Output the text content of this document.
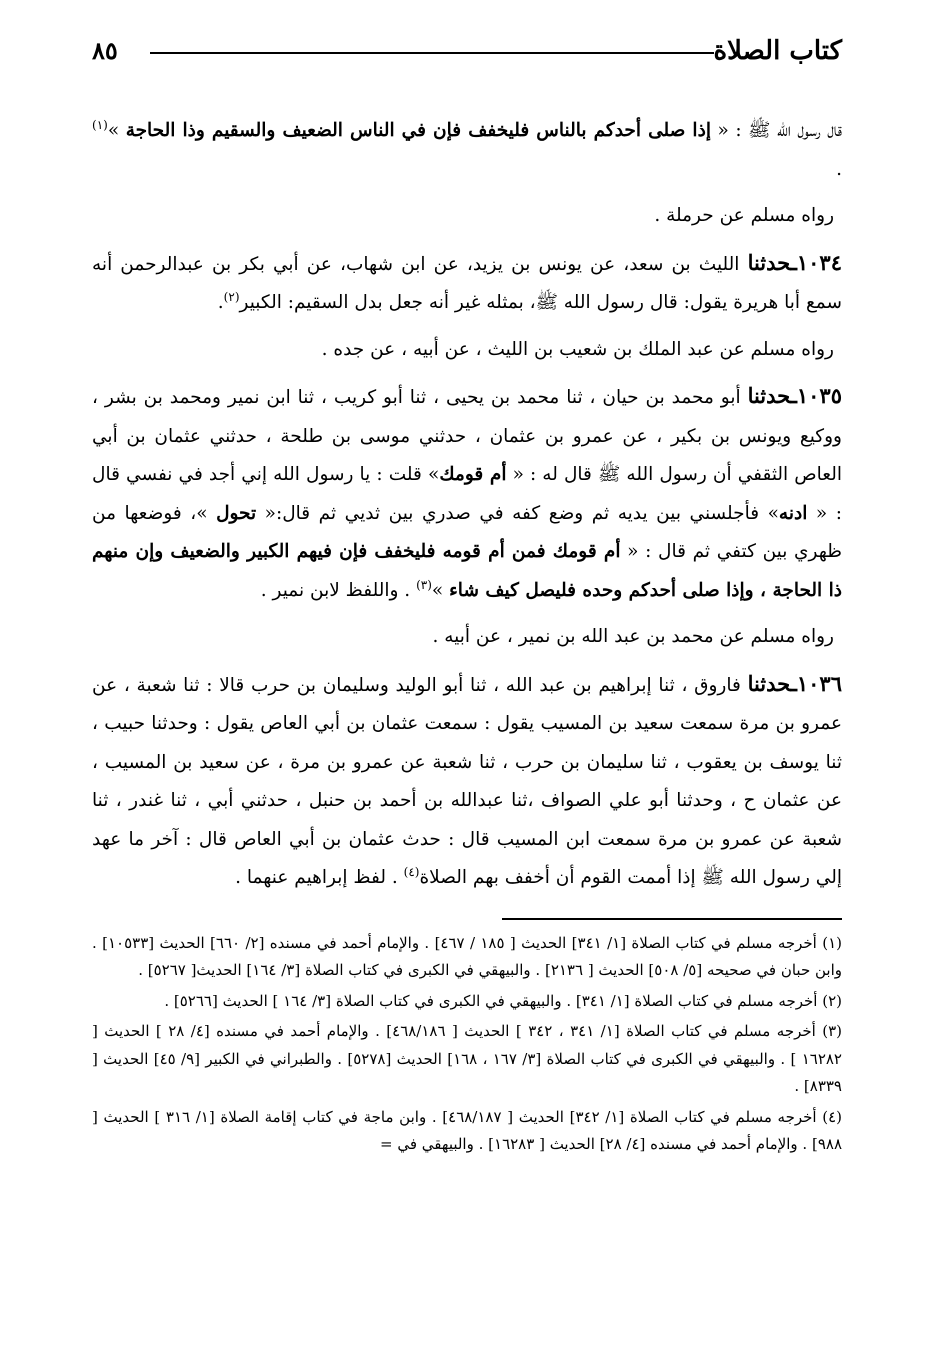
كتاب الصلاة
٨٥

قال رسول الله ﷺ : « إذا صلى أحدكم بالناس فليخفف فإن في الناس الضعيف والسقيم وذا الحاجة »$^{(١)}$ .

رواه مسلم عن حرملة .

١٠٣٤ـحدثنا الليث بن سعد، عن يونس بن يزيد، عن ابن شهاب، عن أبي بكر بن عبدالرحمن أنه سمع أبا هريرة يقول: قال رسول الله ﷺ، بمثله غير أنه جعل بدل السقيم: الكبير$^{(٢)}$.

رواه مسلم عن عبد الملك بن شعيب بن الليث ، عن أبيه ، عن جده .

١٠٣٥ـحدثنا أبو محمد بن حيان ، ثنا محمد بن يحيى ، ثنا أبو كريب ، ثنا ابن نمير ومحمد بن بشر ، ووكيع ويونس بن بكير ، عن عمرو بن عثمان ، حدثني موسى بن طلحة ، حدثني عثمان بن أبي العاص الثقفي أن رسول الله ﷺ قال له : « أم قومك» قلت : يا رسول الله إني أجد في نفسي قال : « ادنه» فأجلسني بين يديه ثم وضع كفه في صدري بين ثديي ثم قال:« تحول »، فوضعها من ظهري بين كتفي ثم قال : « أم قومك فمن أم قومه فليخفف فإن فيهم الكبير والضعيف وإن منهم ذا الحاجة ، وإذا صلى أحدكم وحده فليصل كيف شاء »$^{(٣)}$ . واللفظ لابن نمير .

رواه مسلم عن محمد بن عبد الله بن نمير ، عن أبيه .

١٠٣٦ـحدثنا فاروق ، ثنا إبراهيم بن عبد الله ، ثنا أبو الوليد وسليمان بن حرب قالا : ثنا شعبة ، عن عمرو بن مرة سمعت سعيد بن المسيب يقول : سمعت عثمان بن أبي العاص يقول : وحدثنا حبيب ، ثنا يوسف بن يعقوب ، ثنا سليمان بن حرب ، ثنا شعبة عن عمرو بن مرة ، عن سعيد بن المسيب ، عن عثمان ح ، وحدثنا أبو علي الصواف ،ثنا عبدالله بن أحمد بن حنبل ، حدثني أبي ، ثنا غندر ، ثنا شعبة عن عمرو بن مرة سمعت ابن المسيب قال : حدث عثمان بن أبي العاص قال : آخر ما عهد إلي رسول الله ﷺ إذا أممت القوم أن أخفف بهم الصلاة$^{(٤)}$ . لفظ إبراهيم عنهما .

(١) أخرجه مسلم في كتاب الصلاة [١/ ٣٤١] الحديث [ ١٨٥ / ٤٦٧] . والإمام أحمد في مسنده [٢/ ٦٦٠] الحديث [١٠٥٣٣] . وابن حبان في صحيحه [٥/ ٥٠٨] الحديث [ ٢١٣٦] . والبيهقي في الكبرى في كتاب الصلاة [٣/ ١٦٤] الحديث[ ٥٢٦٧] .

(٢) أخرجه مسلم في كتاب الصلاة [١/ ٣٤١] . والبيهقي في الكبرى في كتاب الصلاة [٣/ ١٦٤ ] الحديث [٥٢٦٦] .

(٣) أخرجه مسلم في كتاب الصلاة [١/ ٣٤١ ، ٣٤٢ ] الحديث [ ٤٦٨/١٨٦] . والإمام أحمد في مسنده [٤/ ٢٨ ] الحديث [ ١٦٢٨٢ ] . والبيهقي في الكبرى في كتاب الصلاة [٣/ ١٦٧ ، ١٦٨] الحديث [٥٢٧٨] . والطبراني في الكبير [٩/ ٤٥] الحديث [ ٨٣٣٩] .

(٤) أخرجه مسلم في كتاب الصلاة [١/ ٣٤٢] الحديث [ ٤٦٨/١٨٧] . وابن ماجة في كتاب إقامة الصلاة [١/ ٣١٦ ] الحديث [ ٩٨٨] . والإمام أحمد في مسنده [٤/ ٢٨] الحديث [ ١٦٢٨٣] . والبيهقي في =
